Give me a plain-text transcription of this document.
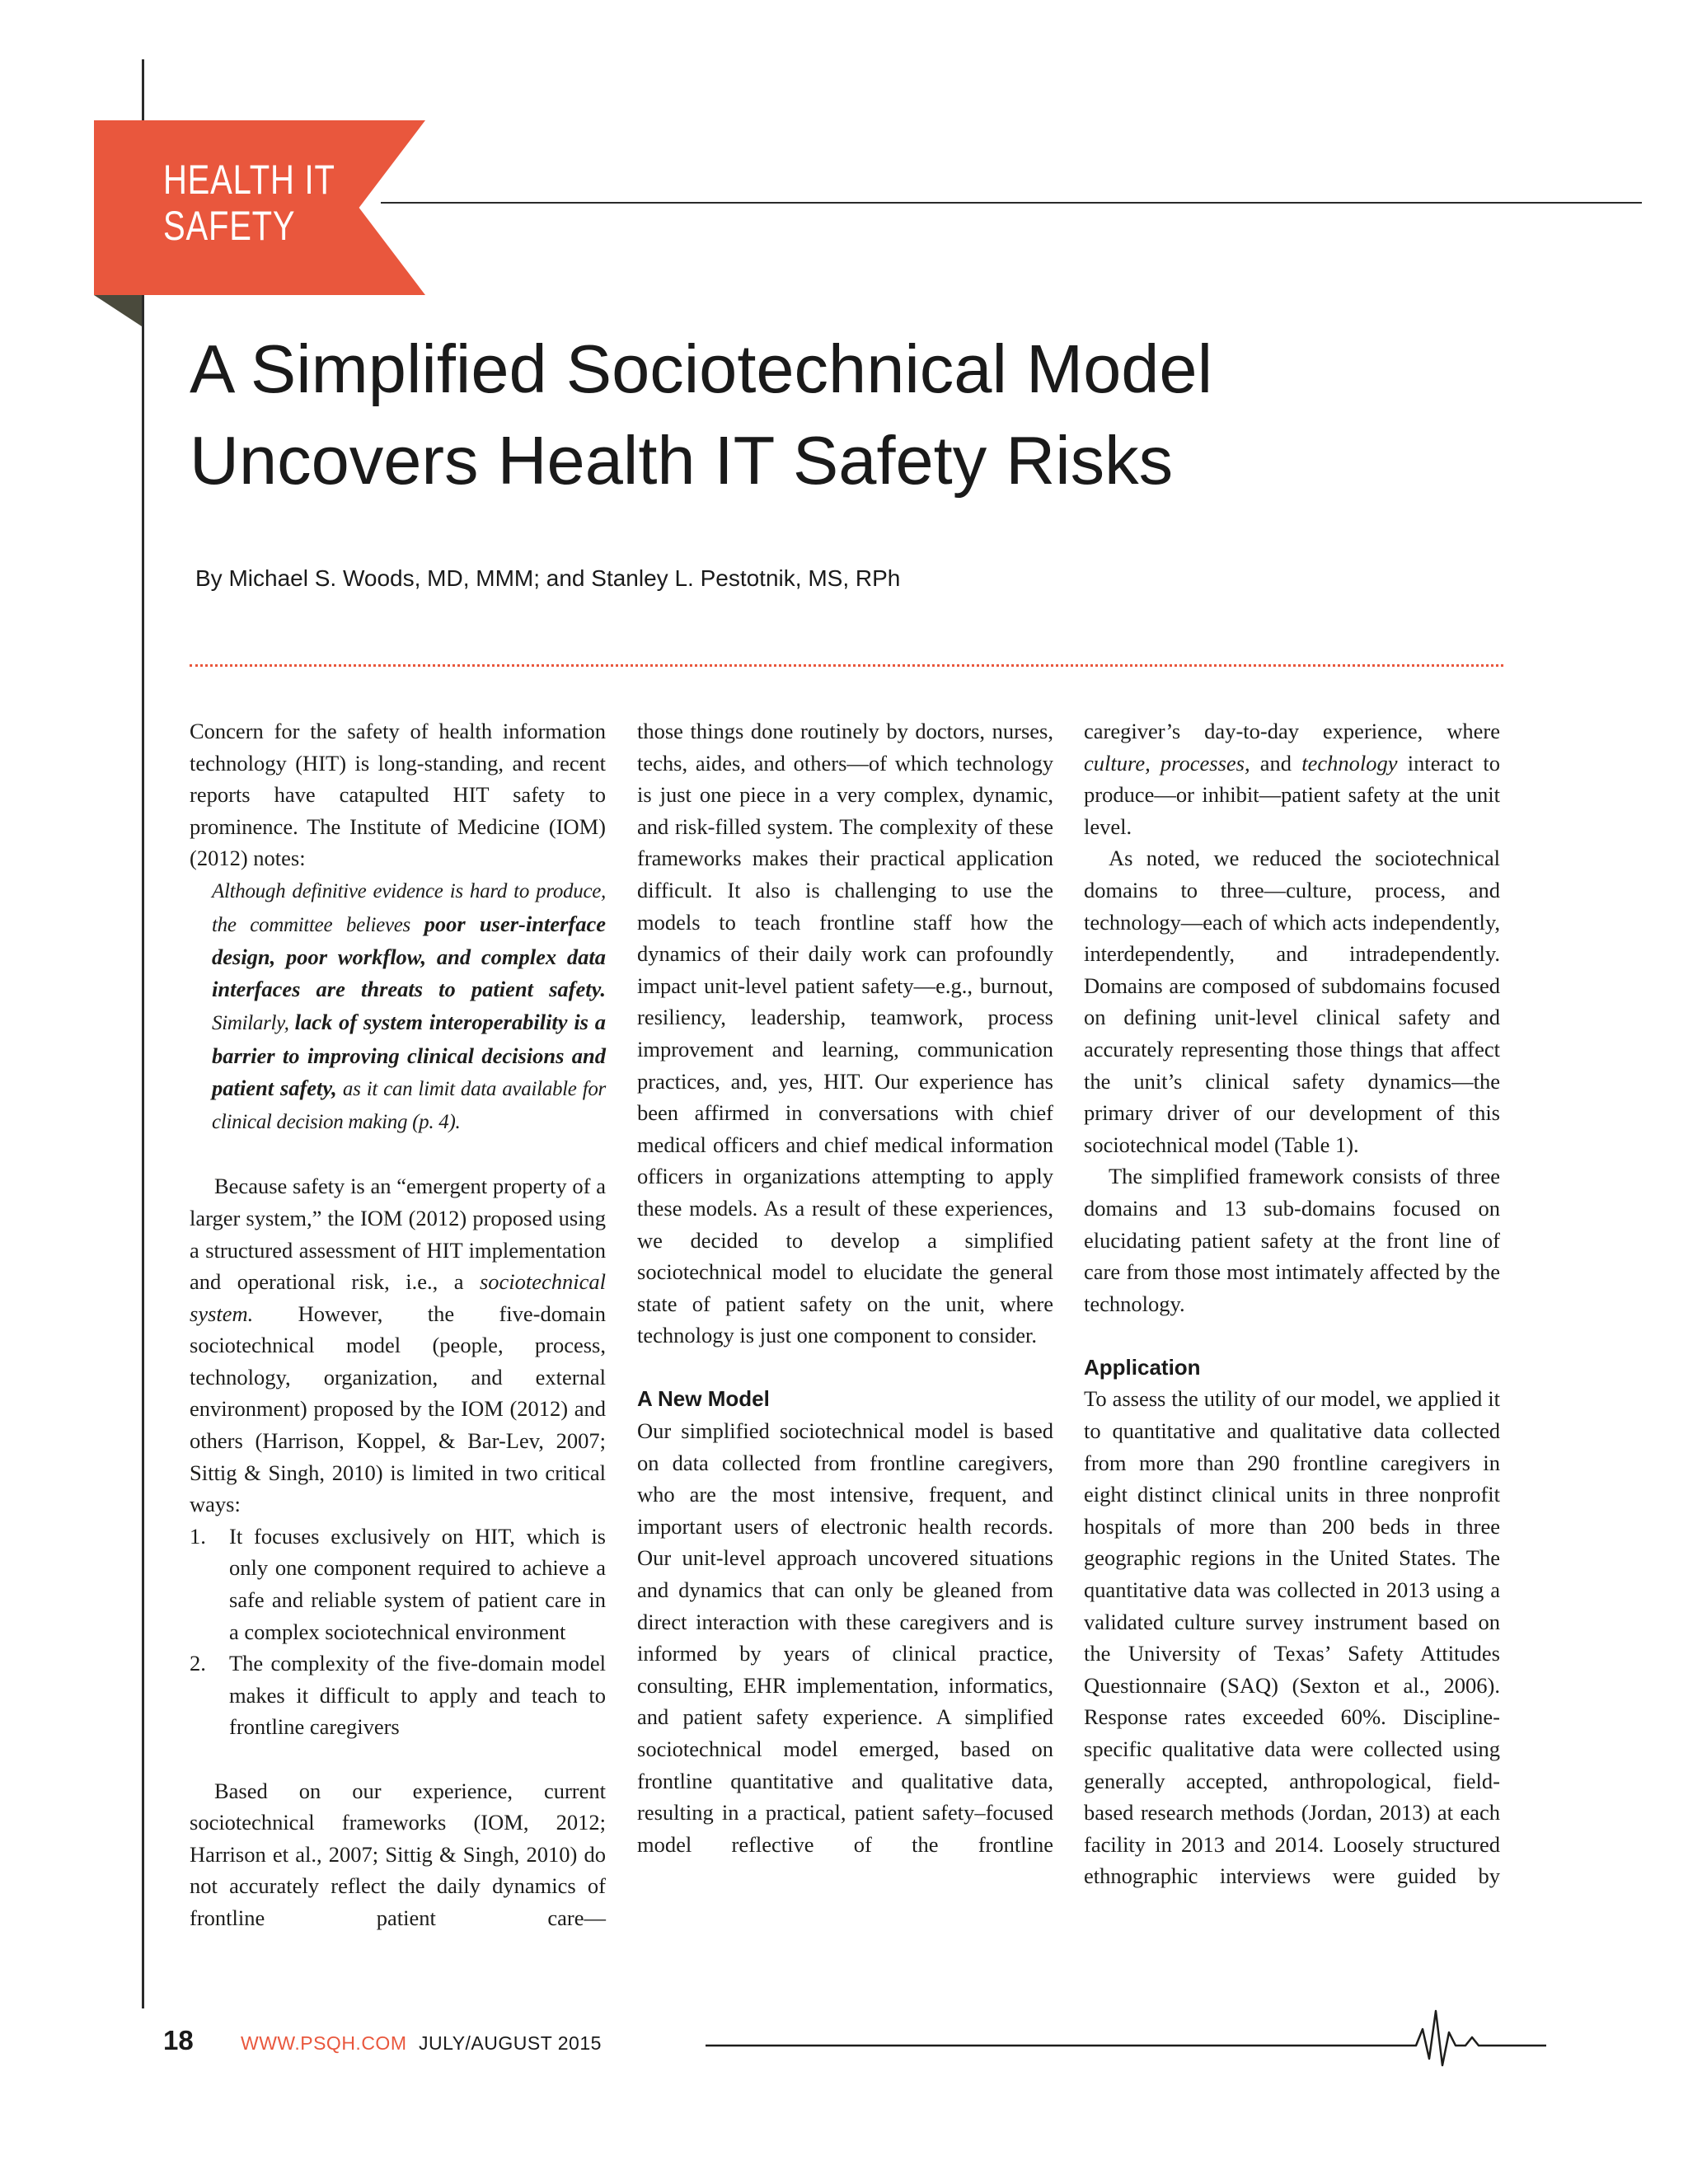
HEALTH IT
SAFETY
A Simplified Sociotechnical Model
Uncovers Health IT Safety Risks
By Michael S. Woods, MD, MMM; and Stanley L. Pestotnik, MS, RPh

Concern for the safety of health information technology (HIT) is long-standing, and recent reports have catapulted HIT safety to prominence. The Institute of Medicine (IOM) (2012) notes:

Although definitive evidence is hard to produce, the committee believes poor user-interface design, poor workflow, and complex data interfaces are threats to patient safety. Similarly, lack of system interoperability is a barrier to improving clinical decisions and patient safety, as it can limit data available for clinical decision making (p. 4).

Because safety is an “emergent property of a larger system,” the IOM (2012) proposed using a structured assessment of HIT implementation and operational risk, i.e., a sociotechnical system. However, the five-domain sociotechnical model (people, process, technology, organization, and external environment) proposed by the IOM (2012) and others (Harrison, Koppel, & Bar-Lev, 2007; Sittig & Singh, 2010) is limited in two critical ways:

1. It focuses exclusively on HIT, which is only one component required to achieve a safe and reliable system of patient care in a complex sociotechnical environment
2. The complexity of the five-domain model makes it difficult to apply and teach to frontline caregivers

Based on our experience, current sociotechnical frameworks (IOM, 2012; Harrison et al., 2007; Sittig & Singh, 2010) do not accurately reflect the daily dynamics of frontline patient care—

those things done routinely by doctors, nurses, techs, aides, and others—of which technology is just one piece in a very complex, dynamic, and risk-filled system. The complexity of these frameworks makes their practical application difficult. It also is challenging to use the models to teach frontline staff how the dynamics of their daily work can profoundly impact unit-level patient safety—e.g., burnout, resiliency, leadership, teamwork, process improvement and learning, communication practices, and, yes, HIT. Our experience has been affirmed in conversations with chief medical officers and chief medical information officers in organizations attempting to apply these models. As a result of these experiences, we decided to develop a simplified sociotechnical model to elucidate the general state of patient safety on the unit, where technology is just one component to consider.

A New Model

Our simplified sociotechnical model is based on data collected from frontline caregivers, who are the most intensive, frequent, and important users of electronic health records. Our unit-level approach uncovered situations and dynamics that can only be gleaned from direct interaction with these caregivers and is informed by years of clinical practice, consulting, EHR implementation, informatics, and patient safety experience. A simplified sociotechnical model emerged, based on frontline quantitative and qualitative data, resulting in a practical, patient safety–focused model reflective of the frontline

caregiver’s day-to-day experience, where culture, processes, and technology interact to produce—or inhibit—patient safety at the unit level.

As noted, we reduced the sociotechnical domains to three—culture, process, and technology—each of which acts independently, interdependently, and intradependently. Domains are composed of subdomains focused on defining unit-level clinical safety and accurately representing those things that affect the unit’s clinical safety dynamics—the primary driver of our development of this sociotechnical model (Table 1).

The simplified framework consists of three domains and 13 sub-domains focused on elucidating patient safety at the front line of care from those most intimately affected by the technology.

Application

To assess the utility of our model, we applied it to quantitative and qualitative data collected from more than 290 frontline caregivers in eight distinct clinical units in three nonprofit hospitals of more than 200 beds in three geographic regions in the United States. The quantitative data was collected in 2013 using a validated culture survey instrument based on the University of Texas’ Safety Attitudes Questionnaire (SAQ) (Sexton et al., 2006). Response rates exceeded 60%. Discipline-specific qualitative data were collected using generally accepted, anthropological, field-based research methods (Jordan, 2013) at each facility in 2013 and 2014. Loosely structured ethnographic interviews were guided by

18 WWW.PSQH.COM JULY/AUGUST 2015
